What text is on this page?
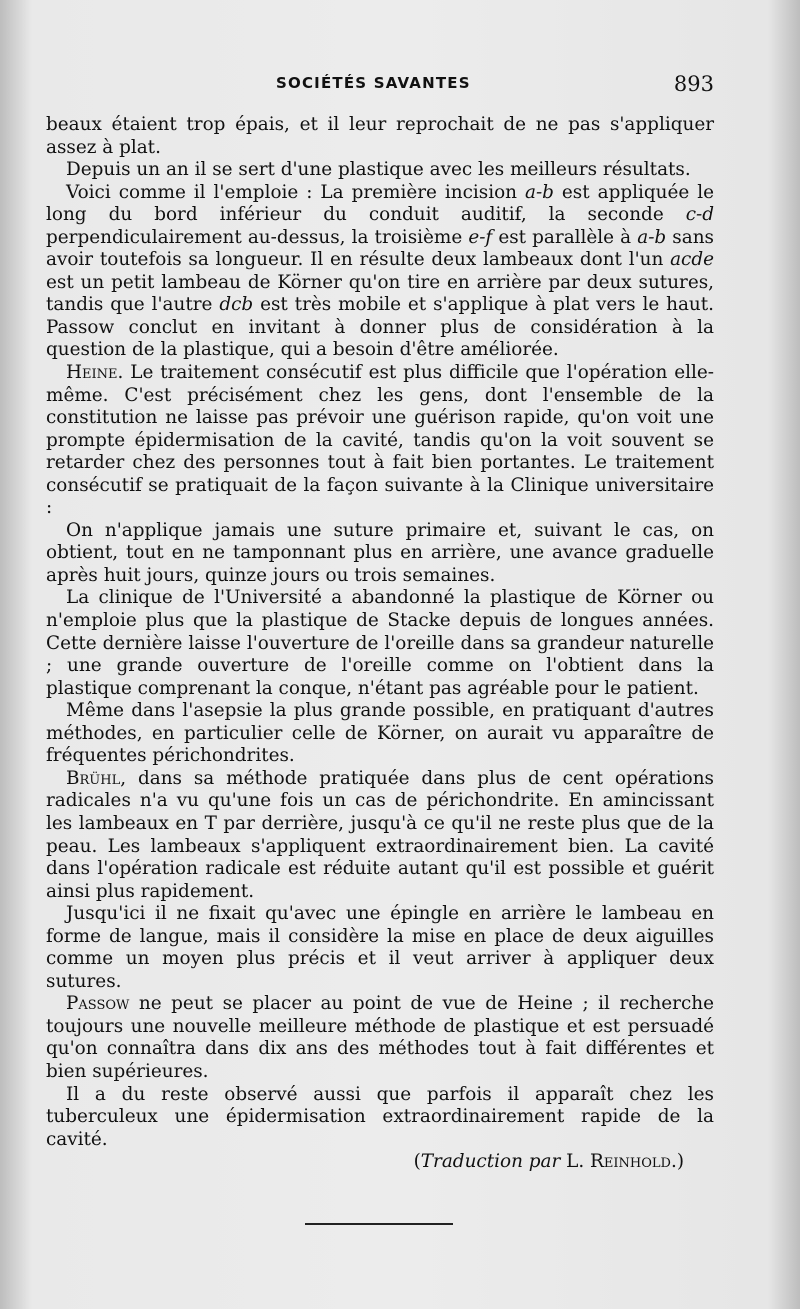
SOCIÉTÉS SAVANTES	893

beaux étaient trop épais, et il leur reprochait de ne pas s'appliquer assez à plat.

Depuis un an il se sert d'une plastique avec les meilleurs résultats.

Voici comme il l'emploie : La première incision a-b est appliquée le long du bord inférieur du conduit auditif, la seconde c-d perpendiculairement au-dessus, la troisième e-f est parallèle à a-b sans avoir toutefois sa longueur. Il en résulte deux lambeaux dont l'un acde est un petit lambeau de Körner qu'on tire en arrière par deux sutures, tandis que l'autre dcb est très mobile et s'applique à plat vers le haut. Passow conclut en invitant à donner plus de considération à la question de la plastique, qui a besoin d'être améliorée.

Heine. Le traitement consécutif est plus difficile que l'opération elle-même. C'est précisément chez les gens, dont l'ensemble de la constitution ne laisse pas prévoir une guérison rapide, qu'on voit une prompte épidermisation de la cavité, tandis qu'on la voit souvent se retarder chez des personnes tout à fait bien portantes. Le traitement consécutif se pratiquait de la façon suivante à la Clinique universitaire :

On n'applique jamais une suture primaire et, suivant le cas, on obtient, tout en ne tamponnant plus en arrière, une avance graduelle après huit jours, quinze jours ou trois semaines.

La clinique de l'Université a abandonné la plastique de Körner ou n'emploie plus que la plastique de Stacke depuis de longues années. Cette dernière laisse l'ouverture de l'oreille dans sa grandeur naturelle ; une grande ouverture de l'oreille comme on l'obtient dans la plastique comprenant la conque, n'étant pas agréable pour le patient.

Même dans l'asepsie la plus grande possible, en pratiquant d'autres méthodes, en particulier celle de Körner, on aurait vu apparaître de fréquentes périchondrites.

Brühl, dans sa méthode pratiquée dans plus de cent opérations radicales n'a vu qu'une fois un cas de périchondrite. En amincissant les lambeaux en T par derrière, jusqu'à ce qu'il ne reste plus que de la peau. Les lambeaux s'appliquent extraordinairement bien. La cavité dans l'opération radicale est réduite autant qu'il est possible et guérit ainsi plus rapidement.

Jusqu'ici il ne fixait qu'avec une épingle en arrière le lambeau en forme de langue, mais il considère la mise en place de deux aiguilles comme un moyen plus précis et il veut arriver à appliquer deux sutures.

Passow ne peut se placer au point de vue de Heine ; il recherche toujours une nouvelle meilleure méthode de plastique et est persuadé qu'on connaîtra dans dix ans des méthodes tout à fait différentes et bien supérieures.

Il a du reste observé aussi que parfois il apparaît chez les tuberculeux une épidermisation extraordinairement rapide de la cavité.

(Traduction par L. Reinhold.)
